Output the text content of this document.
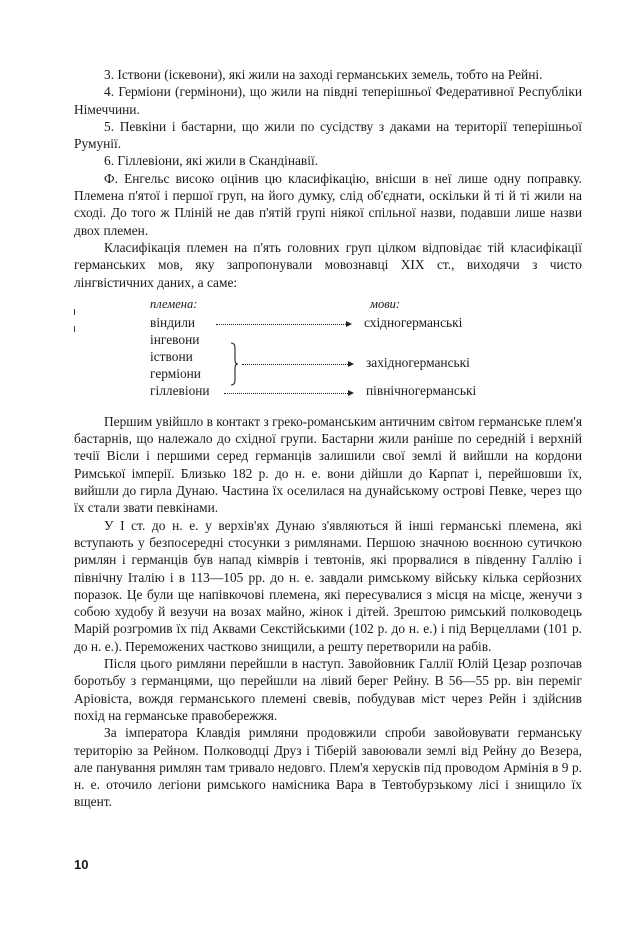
3. Іствони (іскевони), які жили на заході германських земель, тобто на Рейні.

4. Герміони (гермінони), що жили на півдні теперішньої Федеративної Республіки Німеччини.

5. Певкіни і бастарни, що жили по сусідству з даками на території теперішньої Румунії.

6. Гіллевіони, які жили в Скандінавії.

Ф. Енгельс високо оцінив цю класифікацію, внісши в неї лише одну поправку. Племена п'ятої і першої груп, на його думку, слід об'єднати, оскільки й ті й ті жили на сході. До того ж Пліній не дав п'ятій групі ніякої спільної назви, подавши лише назви двох племен.

Класифікація племен на п'ять головних груп цілком відповідає тій класифікації германських мов, яку запропонували мовознавці XIX ст., виходячи з чисто лінгвістичних даних, а саме:

племена:	мови:
віндили
інгевони
іствони
герміони
гіллевіони
східногерманські
західногерманські
північногерманські

Першим увійшло в контакт з греко-романським античним світом германське плем'я бастарнів, що належало до східної групи. Бастарни жили раніше по середній і верхній течії Вісли і першими серед германців залишили свої землі й вийшли на кордони Римської імперії. Близько 182 р. до н. е. вони дійшли до Карпат і, перейшовши їх, вийшли до гирла Дунаю. Частина їх оселилася на дунайському острові Певке, через що їх стали звати певкінами.

У I ст. до н. е. у верхів'ях Дунаю з'являються й інші германські племена, які вступають у безпосередні стосунки з римлянами. Першою значною воєнною сутичкою римлян і германців був напад кімврів і тевтонів, які прорвалися в південну Галлію і північну Італію і в 113—105 рр. до н. е. завдали римському війську кілька серйозних поразок. Це були ще напівкочові племена, які пересувалися з місця на місце, женучи з собою худобу й везучи на возах майно, жінок і дітей. Зрештою римський полководець Марій розгромив їх під Аквами Секстійськими (102 р. до н. е.) і під Верцеллами (101 р. до н. е.). Переможених частково знищили, а решту перетворили на рабів.

Після цього римляни перейшли в наступ. Завойовник Галлії Юлій Цезар розпочав боротьбу з германцями, що перейшли на лівий берег Рейну. В 56—55 рр. він переміг Аріовіста, вождя германського племені свевів, побудував міст через Рейн і здійснив похід на германське правобережжя.

За імператора Клавдія римляни продовжили спроби завойовувати германську територію за Рейном. Полководці Друз і Тіберій завоювали землі від Рейну до Везера, але панування римлян там тривало недовго. Плем'я херусків під проводом Армінія в 9 р. н. е. оточило легіони римського намісника Вара в Тевтобурзькому лісі і знищило їх вщент.

10
